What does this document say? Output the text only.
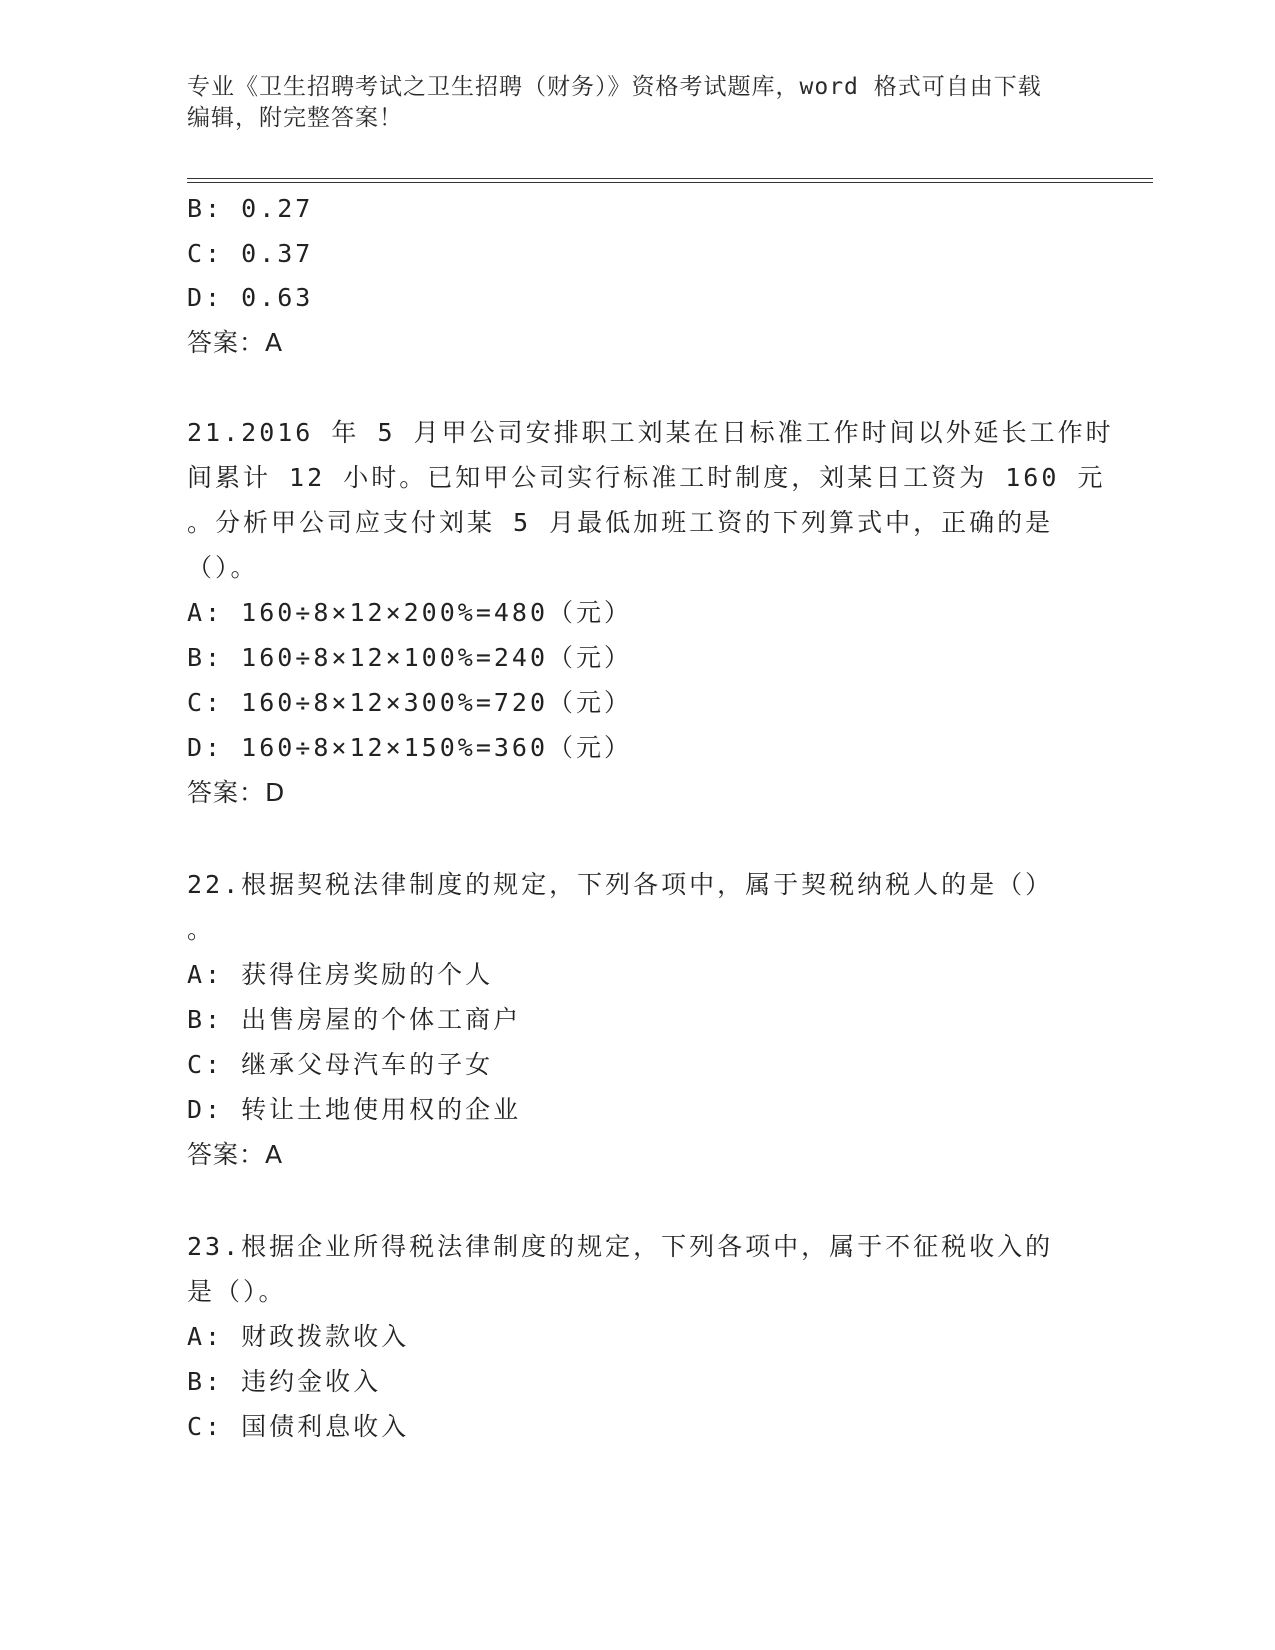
专业《卫生招聘考试之卫生招聘（财务）》资格考试题库，word 格式可自由下载
编辑，附完整答案！
B: 0.27
C: 0.37
D: 0.63
答案：A
21.2016 年 5 月甲公司安排职工刘某在日标准工作时间以外延长工作时
间累计 12 小时。已知甲公司实行标准工时制度，刘某日工资为 160 元
。分析甲公司应支付刘某 5 月最低加班工资的下列算式中，正确的是
（）。
A: 160÷8×12×200%=480（元）
B: 160÷8×12×100%=240（元）
C: 160÷8×12×300%=720（元）
D: 160÷8×12×150%=360（元）
答案：D
22.根据契税法律制度的规定，下列各项中，属于契税纳税人的是（）
。
A: 获得住房奖励的个人
B: 出售房屋的个体工商户
C: 继承父母汽车的子女
D: 转让土地使用权的企业
答案：A
23.根据企业所得税法律制度的规定，下列各项中，属于不征税收入的
是（）。
A: 财政拨款收入
B: 违约金收入
C: 国债利息收入
